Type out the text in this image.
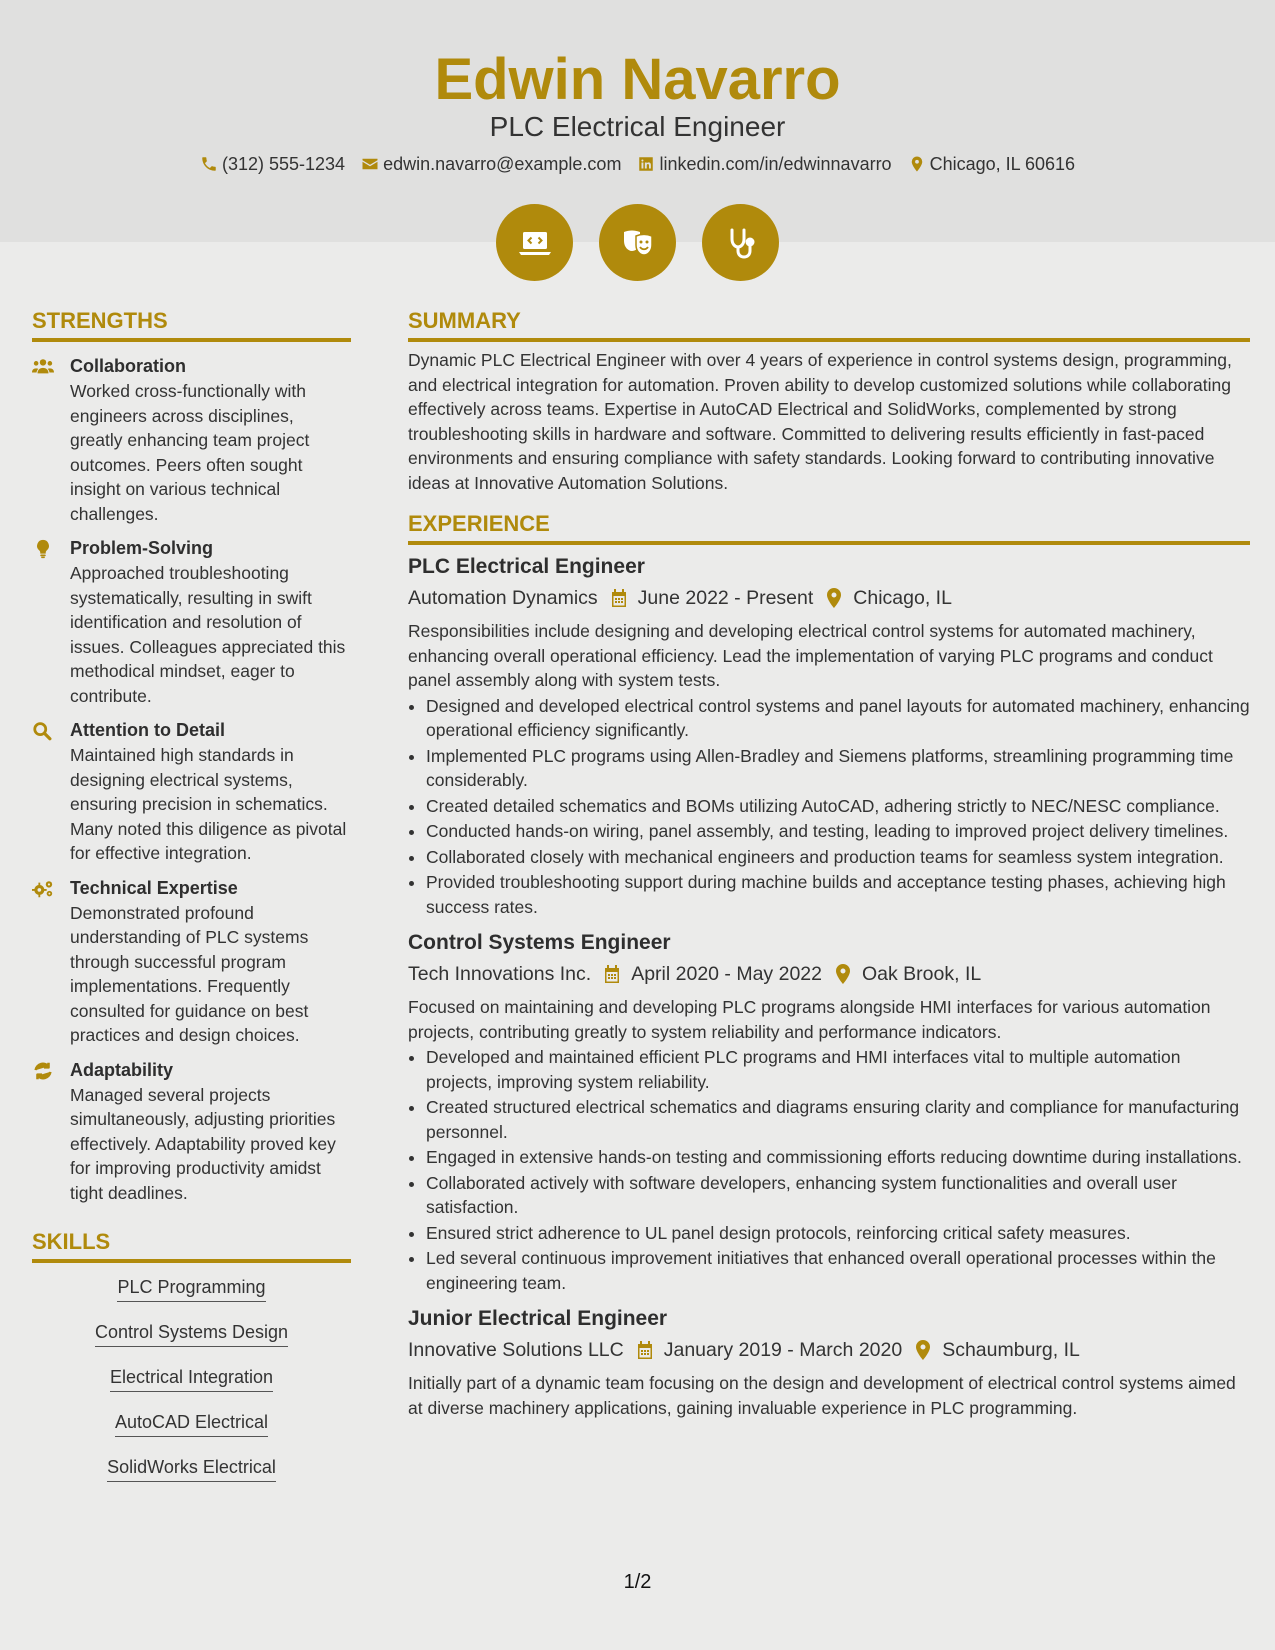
Edwin Navarro
PLC Electrical Engineer
(312) 555-1234 edwin.navarro@example.com linkedin.com/in/edwinnavarro Chicago, IL 60616
STRENGTHS
Collaboration
Worked cross-functionally with engineers across disciplines, greatly enhancing team project outcomes. Peers often sought insight on various technical challenges.
Problem-Solving
Approached troubleshooting systematically, resulting in swift identification and resolution of issues. Colleagues appreciated this methodical mindset, eager to contribute.
Attention to Detail
Maintained high standards in designing electrical systems, ensuring precision in schematics. Many noted this diligence as pivotal for effective integration.
Technical Expertise
Demonstrated profound understanding of PLC systems through successful program implementations. Frequently consulted for guidance on best practices and design choices.
Adaptability
Managed several projects simultaneously, adjusting priorities effectively. Adaptability proved key for improving productivity amidst tight deadlines.
SKILLS
PLC Programming
Control Systems Design
Electrical Integration
AutoCAD Electrical
SolidWorks Electrical
SUMMARY
Dynamic PLC Electrical Engineer with over 4 years of experience in control systems design, programming, and electrical integration for automation. Proven ability to develop customized solutions while collaborating effectively across teams. Expertise in AutoCAD Electrical and SolidWorks, complemented by strong troubleshooting skills in hardware and software. Committed to delivering results efficiently in fast-paced environments and ensuring compliance with safety standards. Looking forward to contributing innovative ideas at Innovative Automation Solutions.
EXPERIENCE
PLC Electrical Engineer
Automation Dynamics June 2022 - Present Chicago, IL
Responsibilities include designing and developing electrical control systems for automated machinery, enhancing overall operational efficiency. Lead the implementation of varying PLC programs and conduct panel assembly along with system tests.
• Designed and developed electrical control systems and panel layouts for automated machinery, enhancing operational efficiency significantly.
• Implemented PLC programs using Allen-Bradley and Siemens platforms, streamlining programming time considerably.
• Created detailed schematics and BOMs utilizing AutoCAD, adhering strictly to NEC/NESC compliance.
• Conducted hands-on wiring, panel assembly, and testing, leading to improved project delivery timelines.
• Collaborated closely with mechanical engineers and production teams for seamless system integration.
• Provided troubleshooting support during machine builds and acceptance testing phases, achieving high success rates.
Control Systems Engineer
Tech Innovations Inc. April 2020 - May 2022 Oak Brook, IL
Focused on maintaining and developing PLC programs alongside HMI interfaces for various automation projects, contributing greatly to system reliability and performance indicators.
• Developed and maintained efficient PLC programs and HMI interfaces vital to multiple automation projects, improving system reliability.
• Created structured electrical schematics and diagrams ensuring clarity and compliance for manufacturing personnel.
• Engaged in extensive hands-on testing and commissioning efforts reducing downtime during installations.
• Collaborated actively with software developers, enhancing system functionalities and overall user satisfaction.
• Ensured strict adherence to UL panel design protocols, reinforcing critical safety measures.
• Led several continuous improvement initiatives that enhanced overall operational processes within the engineering team.
Junior Electrical Engineer
Innovative Solutions LLC January 2019 - March 2020 Schaumburg, IL
Initially part of a dynamic team focusing on the design and development of electrical control systems aimed at diverse machinery applications, gaining invaluable experience in PLC programming.
1/2
